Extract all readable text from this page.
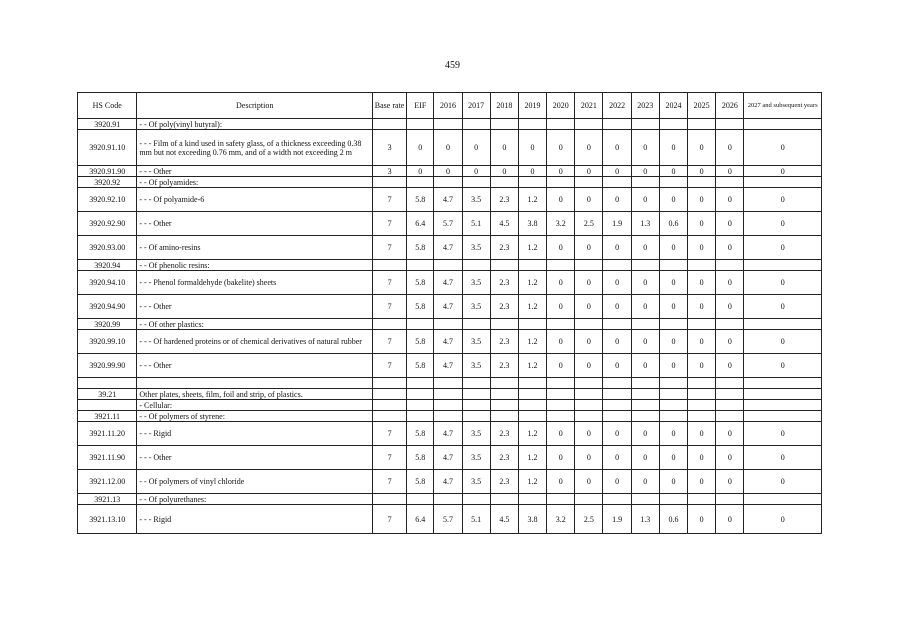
459
HS Code	Description	Base rate	EIF	2016	2017	2018	2019	2020	2021	2022	2023	2024	2025	2026	2027 and subsequent years
3920.91	- - Of poly(vinyl butyral):														
3920.91.10	- - - Film of a kind used in safety glass, of a thickness exceeding 0.38 mm but not exceeding 0.76 mm, and of a width not exceeding 2 m	3	0	0	0	0	0	0	0	0	0	0	0	0	0
3920.91.90	- - - Other	3	0	0	0	0	0	0	0	0	0	0	0	0	0
3920.92	- - Of polyamides:														
3920.92.10	- - - Of polyamide-6	7	5.8	4.7	3.5	2.3	1.2	0	0	0	0	0	0	0	0
3920.92.90	- - - Other	7	6.4	5.7	5.1	4.5	3.8	3.2	2.5	1.9	1.3	0.6	0	0	0
3920.93.00	- - Of amino-resins	7	5.8	4.7	3.5	2.3	1.2	0	0	0	0	0	0	0	0
3920.94	- - Of phenolic resins:														
3920.94.10	- - - Phenol formaldehyde (bakelite) sheets	7	5.8	4.7	3.5	2.3	1.2	0	0	0	0	0	0	0	0
3920.94.90	- - - Other	7	5.8	4.7	3.5	2.3	1.2	0	0	0	0	0	0	0	0
3920.99	- - Of other plastics:														
3920.99.10	- - - Of hardened proteins or of chemical derivatives of natural rubber	7	5.8	4.7	3.5	2.3	1.2	0	0	0	0	0	0	0	0
3920.99.90	- - - Other	7	5.8	4.7	3.5	2.3	1.2	0	0	0	0	0	0	0	0

39.21	Other plates, sheets, film, foil and strip, of plastics.														
	- Cellular:														
3921.11	- - Of polymers of styrene:														
3921.11.20	- - - Rigid	7	5.8	4.7	3.5	2.3	1.2	0	0	0	0	0	0	0	0
3921.11.90	- - - Other	7	5.8	4.7	3.5	2.3	1.2	0	0	0	0	0	0	0	0
3921.12.00	- - Of polymers of vinyl chloride	7	5.8	4.7	3.5	2.3	1.2	0	0	0	0	0	0	0	0
3921.13	- - Of polyurethanes:														
3921.13.10	- - - Rigid	7	6.4	5.7	5.1	4.5	3.8	3.2	2.5	1.9	1.3	0.6	0	0	0
